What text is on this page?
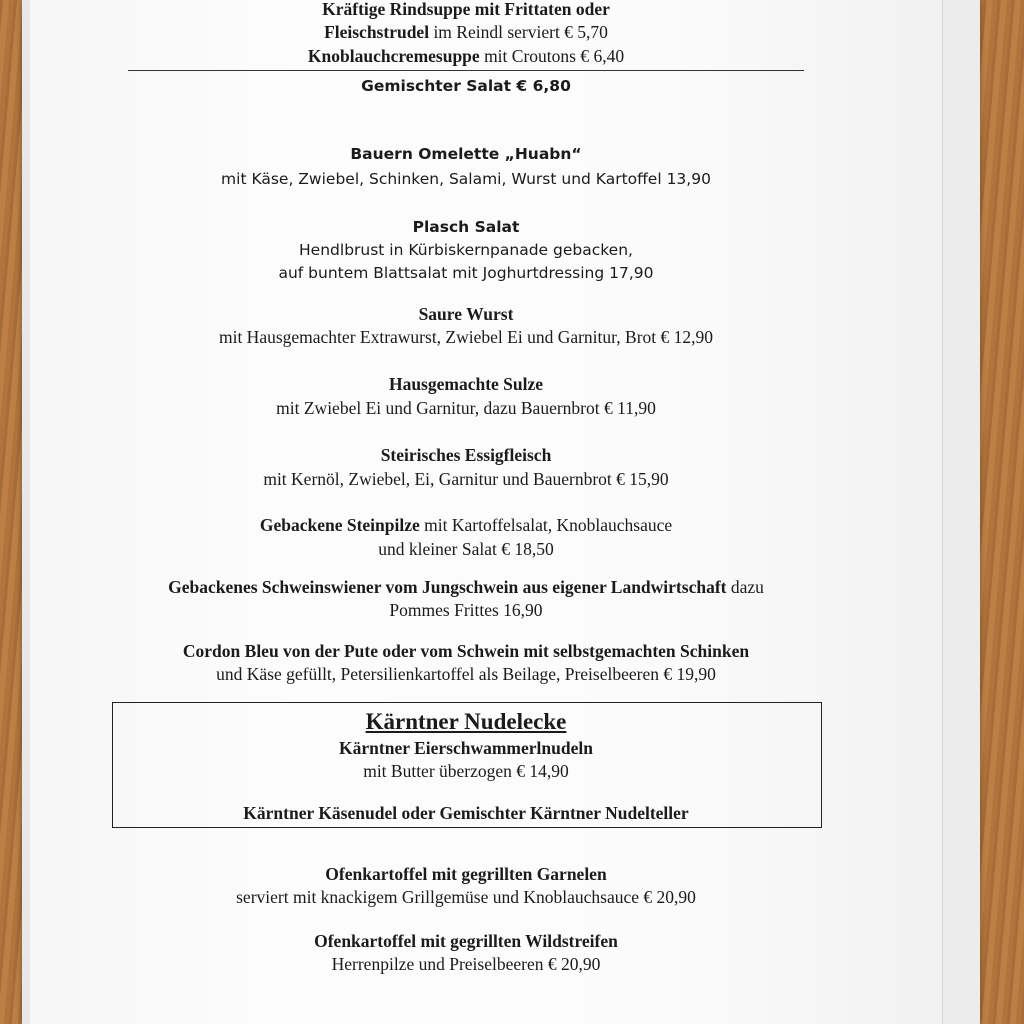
Kräftige Rindsuppe mit Frittaten oder
Fleischstrudel im Reindl serviert € 5,70
Knoblauchcremesuppe mit Croutons € 6,40
Gemischter Salat € 6,80
Bauern Omelette „Huabn“
mit Käse, Zwiebel, Schinken, Salami, Wurst und Kartoffel 13,90
Plasch Salat
Hendlbrust in Kürbiskernpanade gebacken,
auf buntem Blattsalat mit Joghurtdressing 17,90
Saure Wurst
mit Hausgemachter Extrawurst, Zwiebel Ei und Garnitur, Brot € 12,90
Hausgemachte Sulze
mit Zwiebel Ei und Garnitur, dazu Bauernbrot € 11,90
Steirisches Essigfleisch
mit Kernöl, Zwiebel, Ei, Garnitur und Bauernbrot € 15,90
Gebackene Steinpilze mit Kartoffelsalat, Knoblauchsauce
und kleiner Salat € 18,50
Gebackenes Schweinswiener vom Jungschwein aus eigener Landwirtschaft dazu
Pommes Frittes 16,90
Cordon Bleu von der Pute oder vom Schwein mit selbstgemachten Schinken
und Käse gefüllt, Petersilienkartoffel als Beilage, Preiselbeeren € 19,90
Kärntner Nudelecke
Kärntner Eierschwammerlnudeln
mit Butter überzogen € 14,90
Kärntner Käsenudel oder Gemischter Kärntner Nudelteller
Ofenkartoffel mit gegrillten Garnelen
serviert mit knackigem Grillgemüse und Knoblauchsauce € 20,90
Ofenkartoffel mit gegrillten Wildstreifen
Herrenpilze und Preiselbeeren € 20,90
